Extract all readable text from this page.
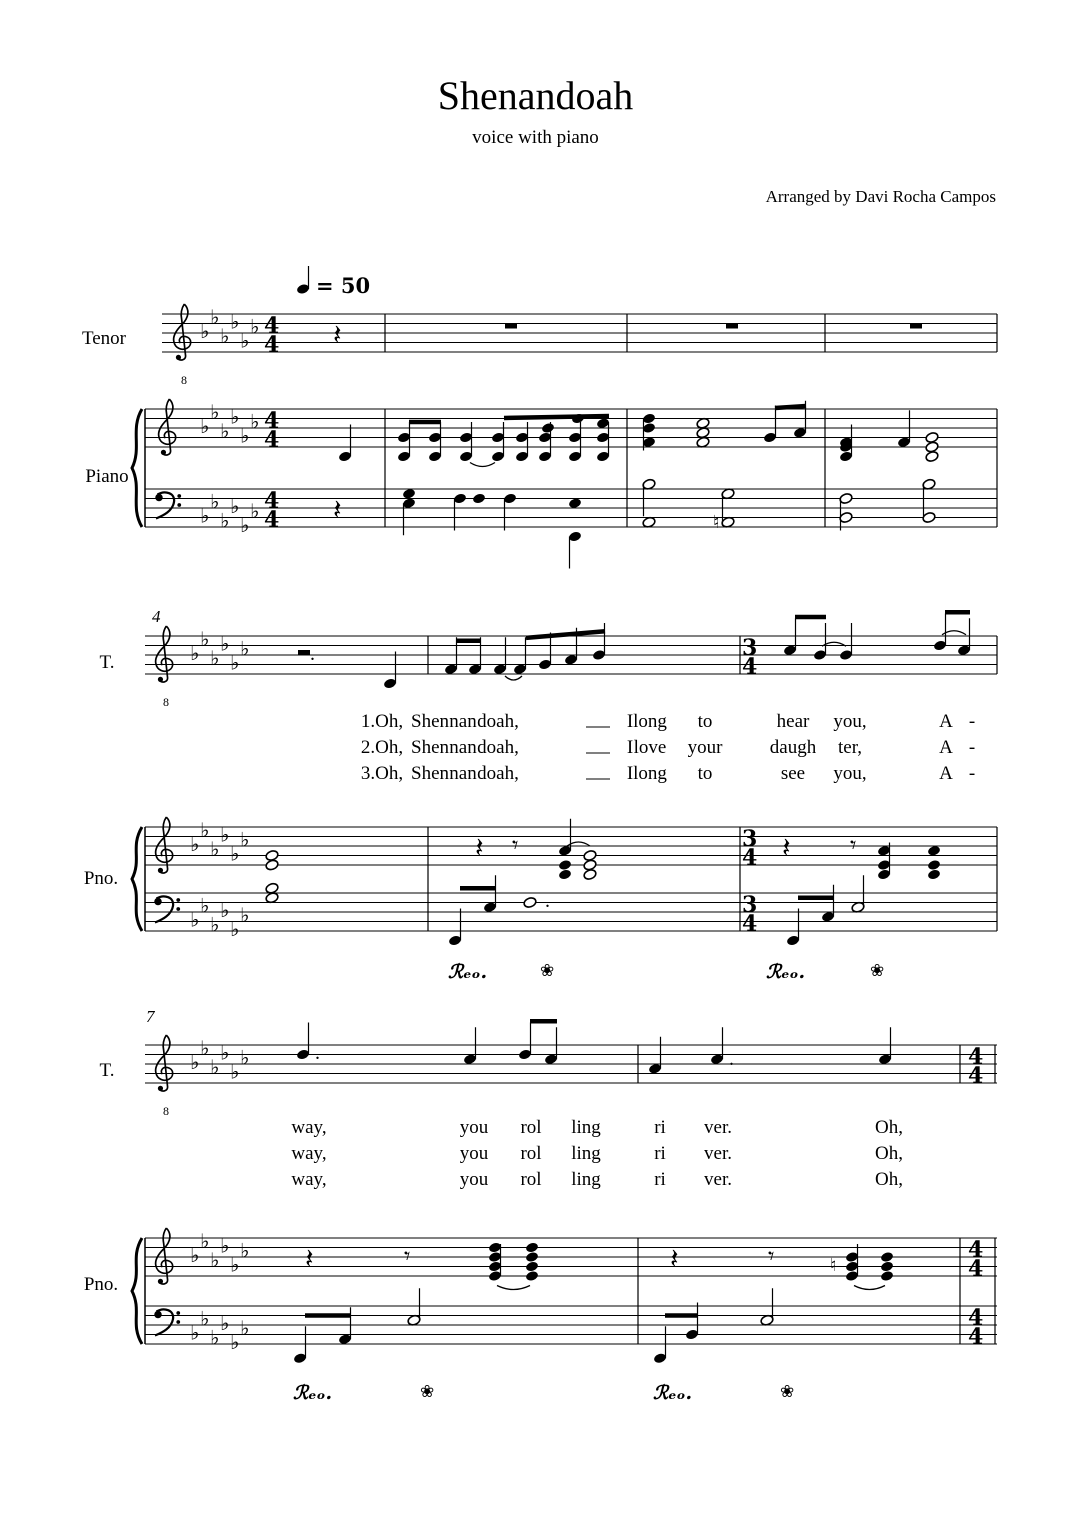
Shenandoah
voice with piano
Arranged by Davi Rocha Campos
Tenor
Piano
8
♭
♭
♭
♭
♭
♭
♭
♭
♭
♭
♭
♭
♭
♭
♭
♭
♭
♭
4
4
4
4
4
4
= 50
𝄽
𝄽	♮
4
T.
Pno.
8
♭
♭
♭
♭
♭
♭
♭
♭
♭
♭
♭
♭
♭
♭
♭
♭
♭
♭
3
4
3
4
3
4
.
1.Oh, Shen nan doah,	I long to	hear you,	A -
2.Oh, Shen nan doah,	I love your daugh ter,	A -
3.Oh, Shen nan doah,	I long to	see you,	A -
𝄽 𝄾
.
𝄽 𝄾
ℛₑₒ.	❀	ℛₑₒ.	❀
7
T.
Pno.
8
♭
♭
♭
♭
♭
♭
♭
♭
♭
♭
♭
♭
♭
♭
♭
♭
♭
♭
4
4
4
4
4
4
.	.
way,	you rol ling	ri ver.	Oh,
way,	you rol ling	ri ver.	Oh,
way,	you rol ling	ri ver.	Oh,
𝄽	𝄾	𝄽	𝄾	♮
ℛₑₒ.	❀	ℛₑₒ.	❀
